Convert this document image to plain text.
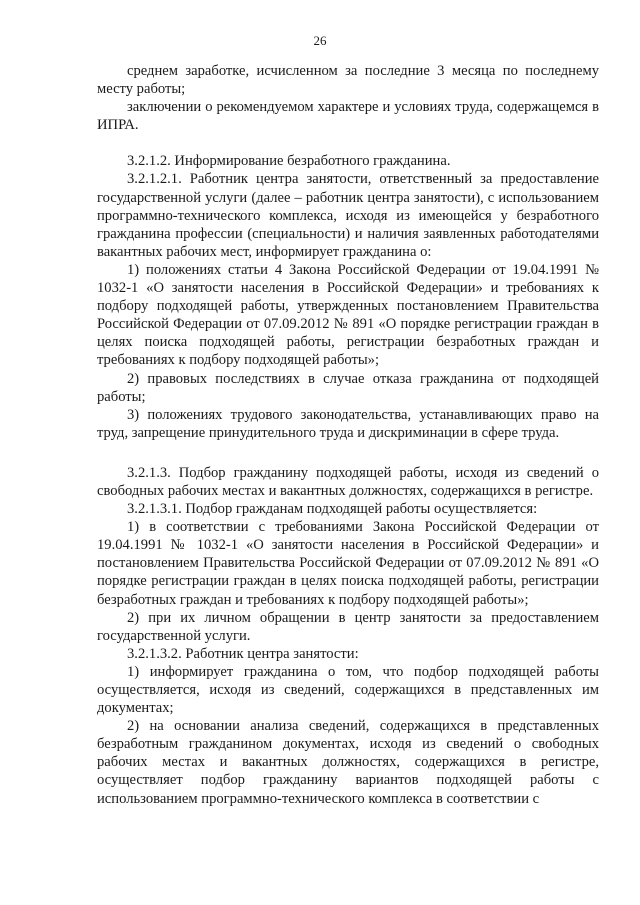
26

среднем заработке, исчисленном за последние 3 месяца по последнему месту работы;

заключении о рекомендуемом характере и условиях труда, содержащемся в ИПРА.

3.2.1.2. Информирование безработного гражданина.

3.2.1.2.1. Работник центра занятости, ответственный за предоставление государственной услуги (далее – работник центра занятости), с использованием программно-технического комплекса, исходя из имеющейся у безработного гражданина профессии (специальности) и наличия заявленных работодателями вакантных рабочих мест, информирует гражданина о:

1) положениях статьи 4 Закона Российской Федерации от 19.04.1991 № 1032-1 «О занятости населения в Российской Федерации» и требованиях к подбору подходящей работы, утвержденных постановлением Правительства Российской Федерации от 07.09.2012 № 891 «О порядке регистрации граждан в целях поиска подходящей работы, регистрации безработных граждан и требованиях к подбору подходящей работы»;

2) правовых последствиях в случае отказа гражданина от подходящей работы;

3) положениях трудового законодательства, устанавливающих право на труд, запрещение принудительного труда и дискриминации в сфере труда.

3.2.1.3. Подбор гражданину подходящей работы, исходя из сведений о свободных рабочих местах и вакантных должностях, содержащихся в регистре.

3.2.1.3.1. Подбор гражданам подходящей работы осуществляется:

1) в соответствии с требованиями Закона Российской Федерации от 19.04.1991 № 1032-1 «О занятости населения в Российской Федерации» и постановлением Правительства Российской Федерации от 07.09.2012 № 891 «О порядке регистрации граждан в целях поиска подходящей работы, регистрации безработных граждан и требованиях к подбору подходящей работы»;

2) при их личном обращении в центр занятости за предоставлением государственной услуги.

3.2.1.3.2. Работник центра занятости:

1) информирует гражданина о том, что подбор подходящей работы осуществляется, исходя из сведений, содержащихся в представленных им документах;

2) на основании анализа сведений, содержащихся в представленных безработным гражданином документах, исходя из сведений о свободных рабочих местах и вакантных должностях, содержащихся в регистре, осуществляет подбор гражданину вариантов подходящей работы с использованием программно-технического комплекса в соответствии с
